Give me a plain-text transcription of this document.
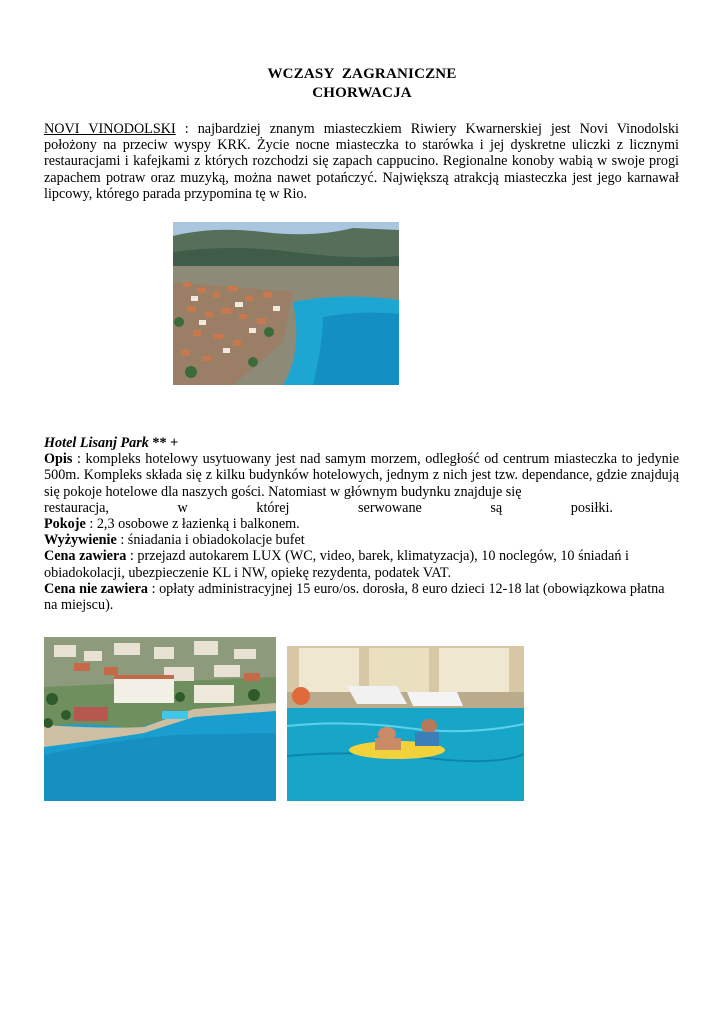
WCZASY  ZAGRANICZNE
CHORWACJA
NOVI VINODOLSKI : najbardziej znanym miasteczkiem Riwiery Kwarnerskiej jest Novi Vinodolski położony na przeciw wyspy KRK. Życie nocne miasteczka to starówka i jej dyskretne uliczki z licznymi restauracjami i kafejkami z których rozchodzi się zapach cappucino. Regionalne konoby wabią w swoje progi zapachem potraw oraz muzyką, można nawet potańczyć. Największą atrakcją miasteczka jest jego karnawał lipcowy, którego parada przypomina tę w Rio.
Hotel Lisanj Park ** +
Opis : kompleks hotelowy usytuowany jest nad samym morzem, odległość od centrum miasteczka to jedynie 500m. Kompleks składa się z kilku budynków hotelowych, jednym z nich jest tzw. dependance, gdzie znajdują się pokoje hotelowe dla naszych gości. Natomiast w głównym budynku znajduje się
restauracja,	w	której	serwowane	są	posiłki.
Pokoje : 2,3 osobowe z łazienką i balkonem.
Wyżywienie : śniadania i obiadokolacje bufet
Cena zawiera : przejazd autokarem LUX (WC, video, barek, klimatyzacja), 10 noclegów, 10 śniadań i obiadokolacji, ubezpieczenie KL i NW, opiekę rezydenta, podatek VAT.
Cena nie zawiera : opłaty administracyjnej 15 euro/os. dorosła, 8 euro dzieci 12-18 lat (obowiązkowa płatna na miejscu).
